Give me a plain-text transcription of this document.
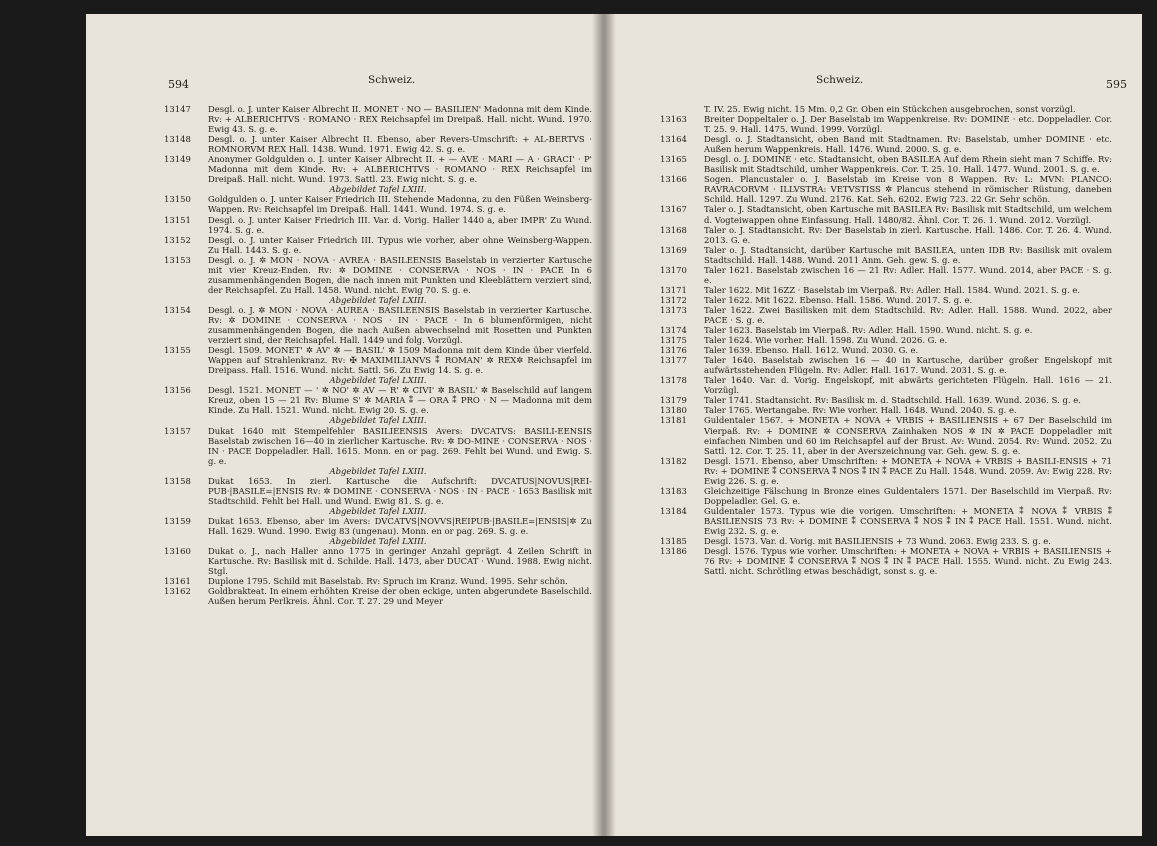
594	Schweiz.
13147 Desgl. o. J. unter Kaiser Albrecht II. MONET · NO — BASILIEN' Madonna mit dem Kinde. Rv: + ALBERICHTVS · ROMANO · REX Reichsapfel im Dreipaß. Hall. nicht. Wund. 1970. Ewig 43. S. g. e.
13148 Desgl. o. J. unter Kaiser Albrecht II. Ebenso, aber Revers-Umschrift: + AL-BERTVS · ROMNORVM REX Hall. 1438. Wund. 1971. Ewig 42. S. g. e.
13149 Anonymer Goldgulden o. J. unter Kaiser Albrecht II. + — AVE · MARI — A · GRACI' · P' Madonna mit dem Kinde. Rv: + ALBERICHTVS · ROMANO · REX Reichsapfel im Dreipaß. Hall. nicht. Wund. 1973. Sattl. 23. Ewig nicht. S. g. e.
Abgebildet Tafel LXIII.
13150 Goldgulden o. J. unter Kaiser Friedrich III. Stehende Madonna, zu den Füßen Weinsberg-Wappen. Rv: Reichsapfel im Dreipaß. Hall. 1441. Wund. 1974. S. g. e.
13151 Desgl. o. J. unter Kaiser Friedrich III. Var. d. Vorig. Haller 1440 a, aber IMPR' Zu Wund. 1974. S. g. e.
13152 Desgl. o. J. unter Kaiser Friedrich III. Typus wie vorher, aber ohne Weinsberg-Wappen. Zu Hall. 1443. S. g. e.
13153 Desgl. o. J. ✲ MON · NOVA · AVREA · BASILEENSIS Baselstab in verzierter Kartusche mit vier Kreuz-Enden. Rv: ✲ DOMINE · CONSERVA · NOS · IN · PACE In 6 zusammenhängenden Bogen, die nach innen mit Punkten und Kleeblättern verziert sind, der Reichsapfel. Zu Hall. 1458. Wund. nicht. Ewig 70. S. g. e.
Abgebildet Tafel LXIII.
13154 Desgl. o. J. ✲ MON · NOVA · AUREA · BASILEENSIS Baselstab in verzierter Kartusche. Rv: ✲ DOMINE · CONSERVA · NOS · IN · PACE · In 6 blumenförmigen, nicht zusammenhängenden Bogen, die nach Außen abwechselnd mit Rosetten und Punkten verziert sind, der Reichsapfel. Hall. 1449 und folg. Vorzügl.
13155 Desgl. 1509. MONET' ✲ AV' ✲ — BASIL' ✲ 1509 Madonna mit dem Kinde über vierfeld. Wappen auf Strahlenkranz. Rv: ✠ MAXIMILIANVS ⁑ ROMAN' ✲ REX✲ Reichsapfel im Dreipass. Hall. 1516. Wund. nicht. Sattl. 56. Zu Ewig 14. S. g. e.
Abgebildet Tafel LXIII.
13156 Desgl. 1521. MONET — ' ✲ NO' ✲ AV — R' ✲ CIVI' ✲ BASIL' ✲ Baselschild auf langem Kreuz, oben 15 — 21 Rv: Blume S' ✲ MARIA ⁑ — ORA ⁑ PRO · N — Madonna mit dem Kinde. Zu Hall. 1521. Wund. nicht. Ewig 20. S. g. e.
Abgebildet Tafel LXIII.
13157 Dukat 1640 mit Stempelfehler BASILIEENSIS Avers: DVCATVS: BASILI-EENSIS Baselstab zwischen 16—40 in zierlicher Kartusche. Rv: ✲ DO-MINE · CONSERVA · NOS · IN · PACE Doppeladler. Hall. 1615. Monn. en or pag. 269. Fehlt bei Wund. und Ewig. S. g. e.
Abgebildet Tafel LXIII.
13158 Dukat 1653. In zierl. Kartusche die Aufschrift: DVCATUS|NOVUS|REI-PUB·|BASILE=|ENSIS Rv: ✲ DOMINE · CONSERVA · NOS · IN · PACE · 1653 Basilisk mit Stadtschild. Fehlt bei Hall. und Wund. Ewig 81. S. g. e.
Abgebildet Tafel LXIII.
13159 Dukat 1653. Ebenso, aber im Avers: DVCATVS|NOVVS|REIPUB·|BASILE=|ENSIS|✲ Zu Hall. 1629. Wund. 1990. Ewig 83 (ungenau). Monn. en or pag. 269. S. g. e.
Abgebildet Tafel LXIII.
13160 Dukat o. J., nach Haller anno 1775 in geringer Anzahl geprägt. 4 Zeilen Schrift in Kartusche. Rv: Basilisk mit d. Schilde. Hall. 1473, aber DUCAT · Wund. 1988. Ewig nicht. Stgl.
13161 Duplone 1795. Schild mit Baselstab. Rv: Spruch im Kranz. Wund. 1995. Sehr schön.
13162 Goldbrakteat. In einem erhöhten Kreise der oben eckige, unten abgerundete Baselschild. Außen herum Perlkreis. Ähnl. Cor. T. 27. 29 und Meyer
Schweiz.	595
T. IV. 25. Ewig nicht. 15 Mm. 0,2 Gr. Oben ein Stückchen ausgebrochen, sonst vorzügl.
13163 Breiter Doppeltaler o. J. Der Baselstab im Wappenkreise. Rv: DOMINE · etc. Doppeladler. Cor. T. 25. 9. Hall. 1475. Wund. 1999. Vorzügl.
13164 Desgl. o. J. Stadtansicht, oben Band mit Stadtnamen. Rv: Baselstab, umher DOMINE · etc. Außen herum Wappenkreis. Hall. 1476. Wund. 2000. S. g. e.
13165 Desgl. o. J. DOMINE · etc. Stadtansicht, oben BASILEA Auf dem Rhein sieht man 7 Schiffe. Rv: Basilisk mit Stadtschild, umher Wappenkreis. Cor. T. 25. 10. Hall. 1477. Wund. 2001. S. g. e.
13166 Sogen. Plancustaler o. J. Baselstab im Kreise von 8 Wappen. Rv: L: MVN: PLANCO: RAVRACORVM · ILLVSTRA: VETVSTISS ✲ Plancus stehend in römischer Rüstung, daneben Schild. Hall. 1297. Zu Wund. 2176. Kat. Seh. 6202. Ewig 723. 22 Gr. Sehr schön.
13167 Taler o. J. Stadtansicht, oben Kartusche mit BASILEA Rv: Basilisk mit Stadtschild, um welchem d. Vogteiwappen ohne Einfassung. Hall. 1480/82. Ähnl. Cor. T. 26. 1. Wund. 2012. Vorzügl.
13168 Taler o. J. Stadtansicht. Rv: Der Baselstab in zierl. Kartusche. Hall. 1486. Cor. T. 26. 4. Wund. 2013. G. e.
13169 Taler o. J. Stadtansicht, darüber Kartusche mit BASILEA, unten IDB Rv: Basilisk mit ovalem Stadtschild. Hall. 1488. Wund. 2011 Anm. Geh. gew. S. g. e.
13170 Taler 1621. Baselstab zwischen 16 — 21 Rv: Adler. Hall. 1577. Wund. 2014, aber PACE · S. g. e.
13171 Taler 1622. Mit 16ZZ · Baselstab im Vierpaß. Rv: Adler. Hall. 1584. Wund. 2021. S. g. e.
13172 Taler 1622. Mit 1622. Ebenso. Hall. 1586. Wund. 2017. S. g. e.
13173 Taler 1622. Zwei Basilisken mit dem Stadtschild. Rv: Adler. Hall. 1588. Wund. 2022, aber PACE · S. g. e.
13174 Taler 1623. Baselstab im Vierpaß. Rv: Adler. Hall. 1590. Wund. nicht. S. g. e.
13175 Taler 1624. Wie vorher. Hall. 1598. Zu Wund. 2026. G. e.
13176 Taler 1639. Ebenso. Hall. 1612. Wund. 2030. G. e.
13177 Taler 1640. Baselstab zwischen 16 — 40 in Kartusche, darüber großer Engelskopf mit aufwärtsstehenden Flügeln. Rv: Adler. Hall. 1617. Wund. 2031. S. g. e.
13178 Taler 1640. Var. d. Vorig. Engelskopf, mit abwärts gerichteten Flügeln. Hall. 1616 — 21. Vorzügl.
13179 Taler 1741. Stadtansicht. Rv: Basilisk m. d. Stadtschild. Hall. 1639. Wund. 2036. S. g. e.
13180 Taler 1765. Wertangabe. Rv: Wie vorher. Hall. 1648. Wund. 2040. S. g. e.
13181 Guldentaler 1567. + MONETA + NOVA + VRBIS + BASILIENSIS + 67 Der Baselschild im Vierpaß. Rv: + DOMINE ✲ CONSERVA Zainhaken NOS ✲ IN ✲ PACE Doppeladler mit einfachen Nimben und 60 im Reichsapfel auf der Brust. Av: Wund. 2054. Rv: Wund. 2052. Zu Sattl. 12. Cor. T. 25. 11, aber in der Averszeichnung var. Geh. gew. S. g. e.
13182 Desgl. 1571. Ebenso, aber Umschriften: + MONETA + NOVA + VRBIS + BASILI-ENSIS + 71 Rv: + DOMINE ⁑ CONSERVA ⁑ NOS ⁑ IN ⁑ PACE Zu Hall. 1548. Wund. 2059. Av: Ewig 228. Rv: Ewig 226. S. g. e.
13183 Gleichzeitige Fälschung in Bronze eines Guldentalers 1571. Der Baselschild im Vierpaß. Rv: Doppeladler. Gel. G. e.
13184 Guldentaler 1573. Typus wie die vorigen. Umschriften: + MONETA ⁑ NOVA ⁑ VRBIS ⁑ BASILIENSIS 73 Rv: + DOMINE ⁑ CONSERVA ⁑ NOS ⁑ IN ⁑ PACE Hall. 1551. Wund. nicht. Ewig 232. S. g. e.
13185 Desgl. 1573. Var. d. Vorig. mit BASILIENSIS + 73 Wund. 2063. Ewig 233. S. g. e.
13186 Desgl. 1576. Typus wie vorher. Umschriften: + MONETA + NOVA + VRBIS + BASILIENSIS + 76 Rv: + DOMINE ⁑ CONSERVA ⁑ NOS ⁑ IN ⁑ PACE Hall. 1555. Wund. nicht. Zu Ewig 243. Sattl. nicht. Schrötling etwas beschädigt, sonst s. g. e.
